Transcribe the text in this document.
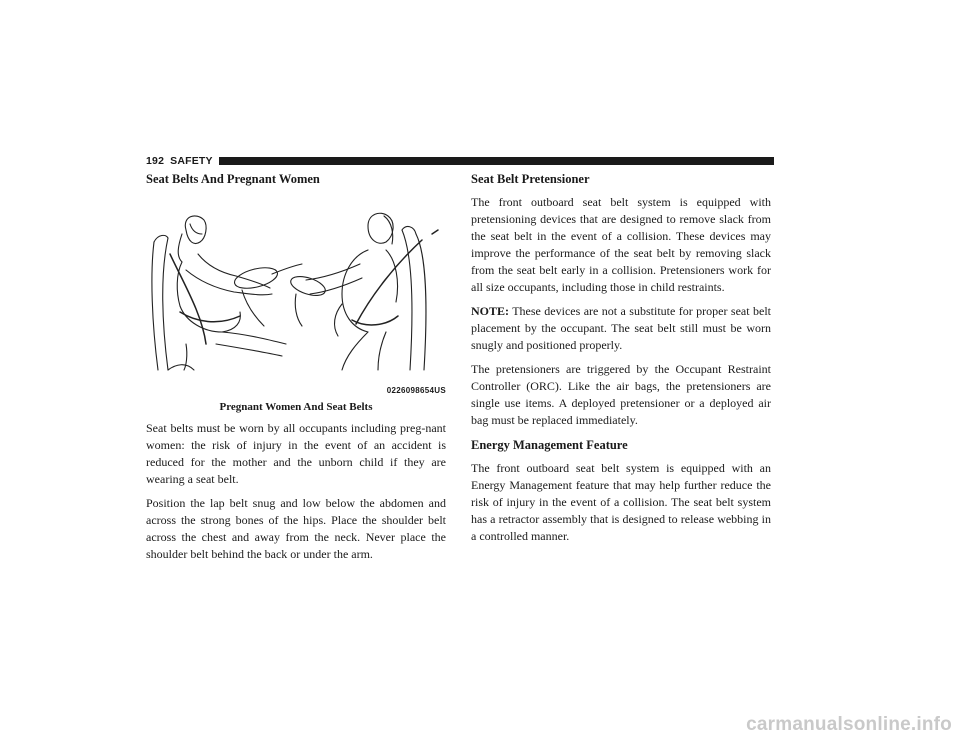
192 SAFETY
Seat Belts And Pregnant Women
0226098654US

Pregnant Women And Seat Belts

Seat belts must be worn by all occupants including preg-nant women: the risk of injury in the event of an accident is reduced for the mother and the unborn child if they are wearing a seat belt.

Position the lap belt snug and low below the abdomen and across the strong bones of the hips. Place the shoulder belt across the chest and away from the neck. Never place the shoulder belt behind the back or under the arm.

Seat Belt Pretensioner

The front outboard seat belt system is equipped with pretensioning devices that are designed to remove slack from the seat belt in the event of a collision. These devices may improve the performance of the seat belt by removing slack from the seat belt early in a collision. Pretensioners work for all size occupants, including those in child restraints.

NOTE: These devices are not a substitute for proper seat belt placement by the occupant. The seat belt still must be worn snugly and positioned properly.

The pretensioners are triggered by the Occupant Restraint Controller (ORC). Like the air bags, the pretensioners are single use items. A deployed pretensioner or a deployed air bag must be replaced immediately.

Energy Management Feature

The front outboard seat belt system is equipped with an Energy Management feature that may help further reduce the risk of injury in the event of a collision. The seat belt system has a retractor assembly that is designed to release webbing in a controlled manner.

carmanualsonline.info
